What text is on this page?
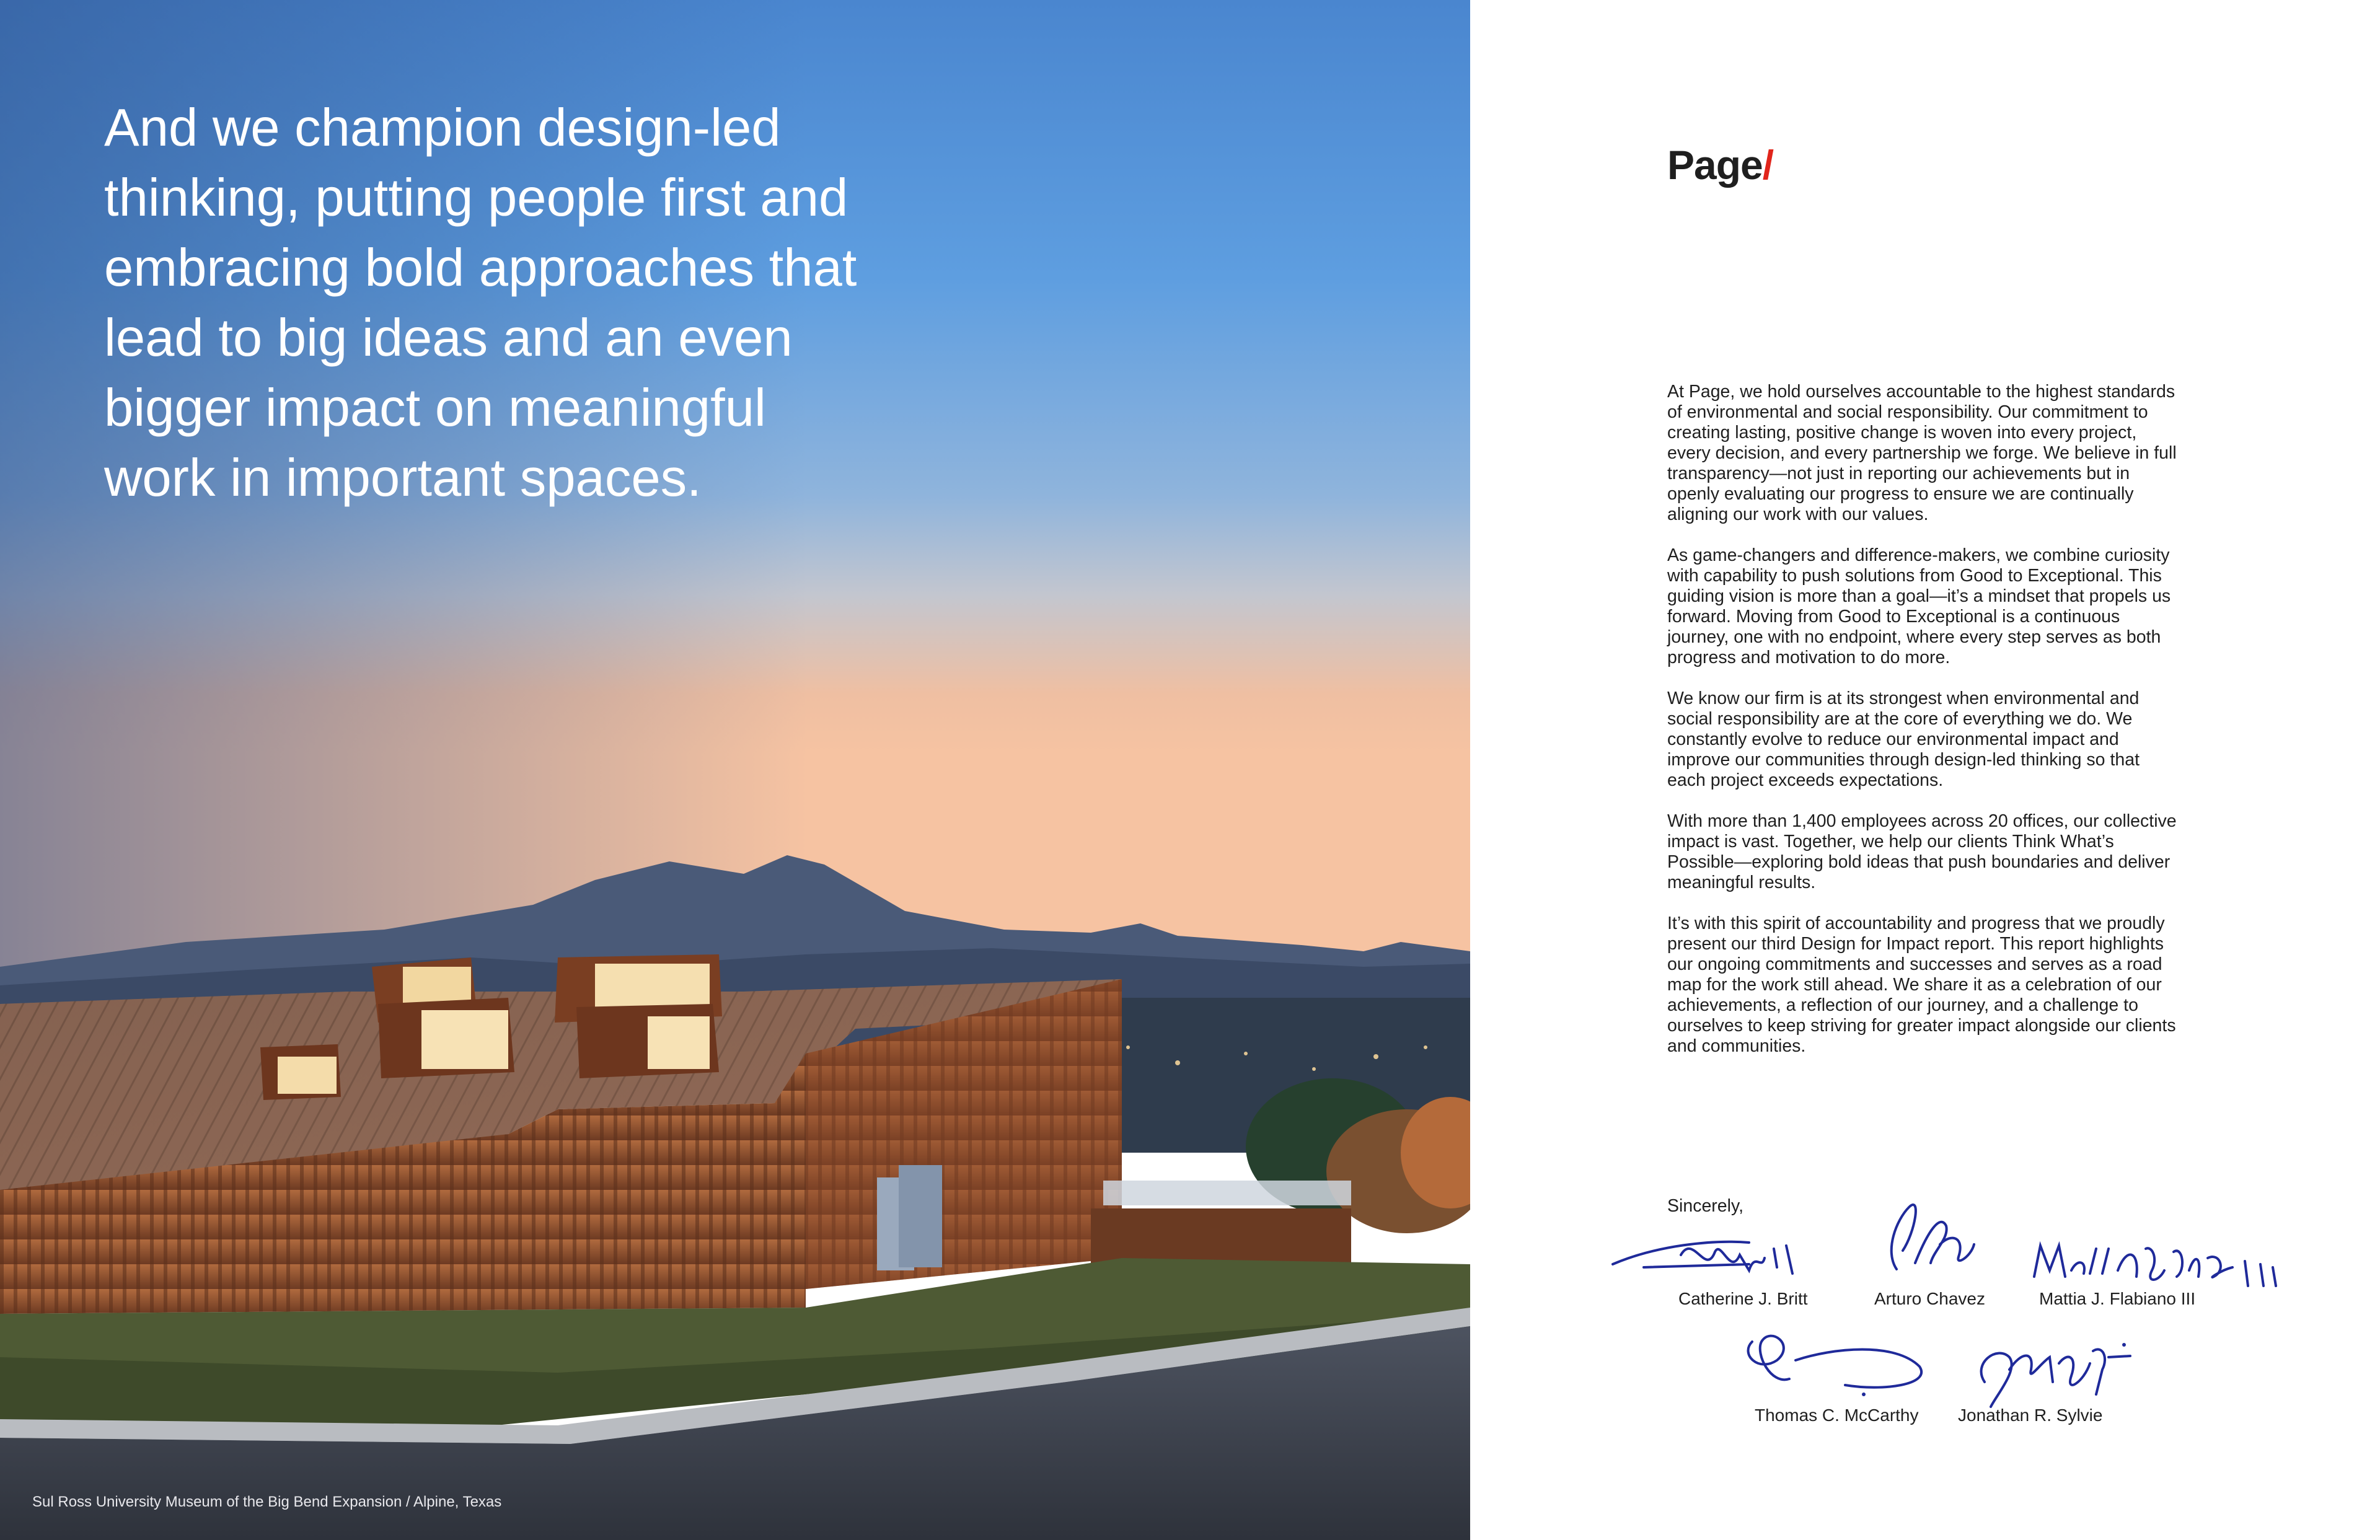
And we champion design-led thinking, putting people first and embracing bold approaches that lead to big ideas and an even bigger impact on meaningful work in important spaces.

Sul Ross University Museum of the Big Bend Expansion / Alpine, Texas
Page/

At Page, we hold ourselves accountable to the highest standards of environmental and social responsibility. Our commitment to creating lasting, positive change is woven into every project, every decision, and every partnership we forge. We believe in full transparency—not just in reporting our achievements but in openly evaluating our progress to ensure we are continually aligning our work with our values.

As game-changers and difference-makers, we combine curiosity with capability to push solutions from Good to Exceptional. This guiding vision is more than a goal—it’s a mindset that propels us forward. Moving from Good to Exceptional is a continuous journey, one with no endpoint, where every step serves as both progress and motivation to do more.

We know our firm is at its strongest when environmental and social responsibility are at the core of everything we do. We constantly evolve to reduce our environmental impact and improve our communities through design-led thinking so that each project exceeds expectations.

With more than 1,400 employees across 20 offices, our collective impact is vast. Together, we help our clients Think What’s Possible—exploring bold ideas that push boundaries and deliver meaningful results.

It’s with this spirit of accountability and progress that we proudly present our third Design for Impact report. This report highlights our ongoing commitments and successes and serves as a road map for the work still ahead. We share it as a celebration of our achievements, a reflection of our journey, and a challenge to ourselves to keep striving for greater impact alongside our clients and communities.

Sincerely,
Catherine J. Britt	Arturo Chavez	Mattia J. Flabiano III
Thomas C. McCarthy Jonathan R. Sylvie
